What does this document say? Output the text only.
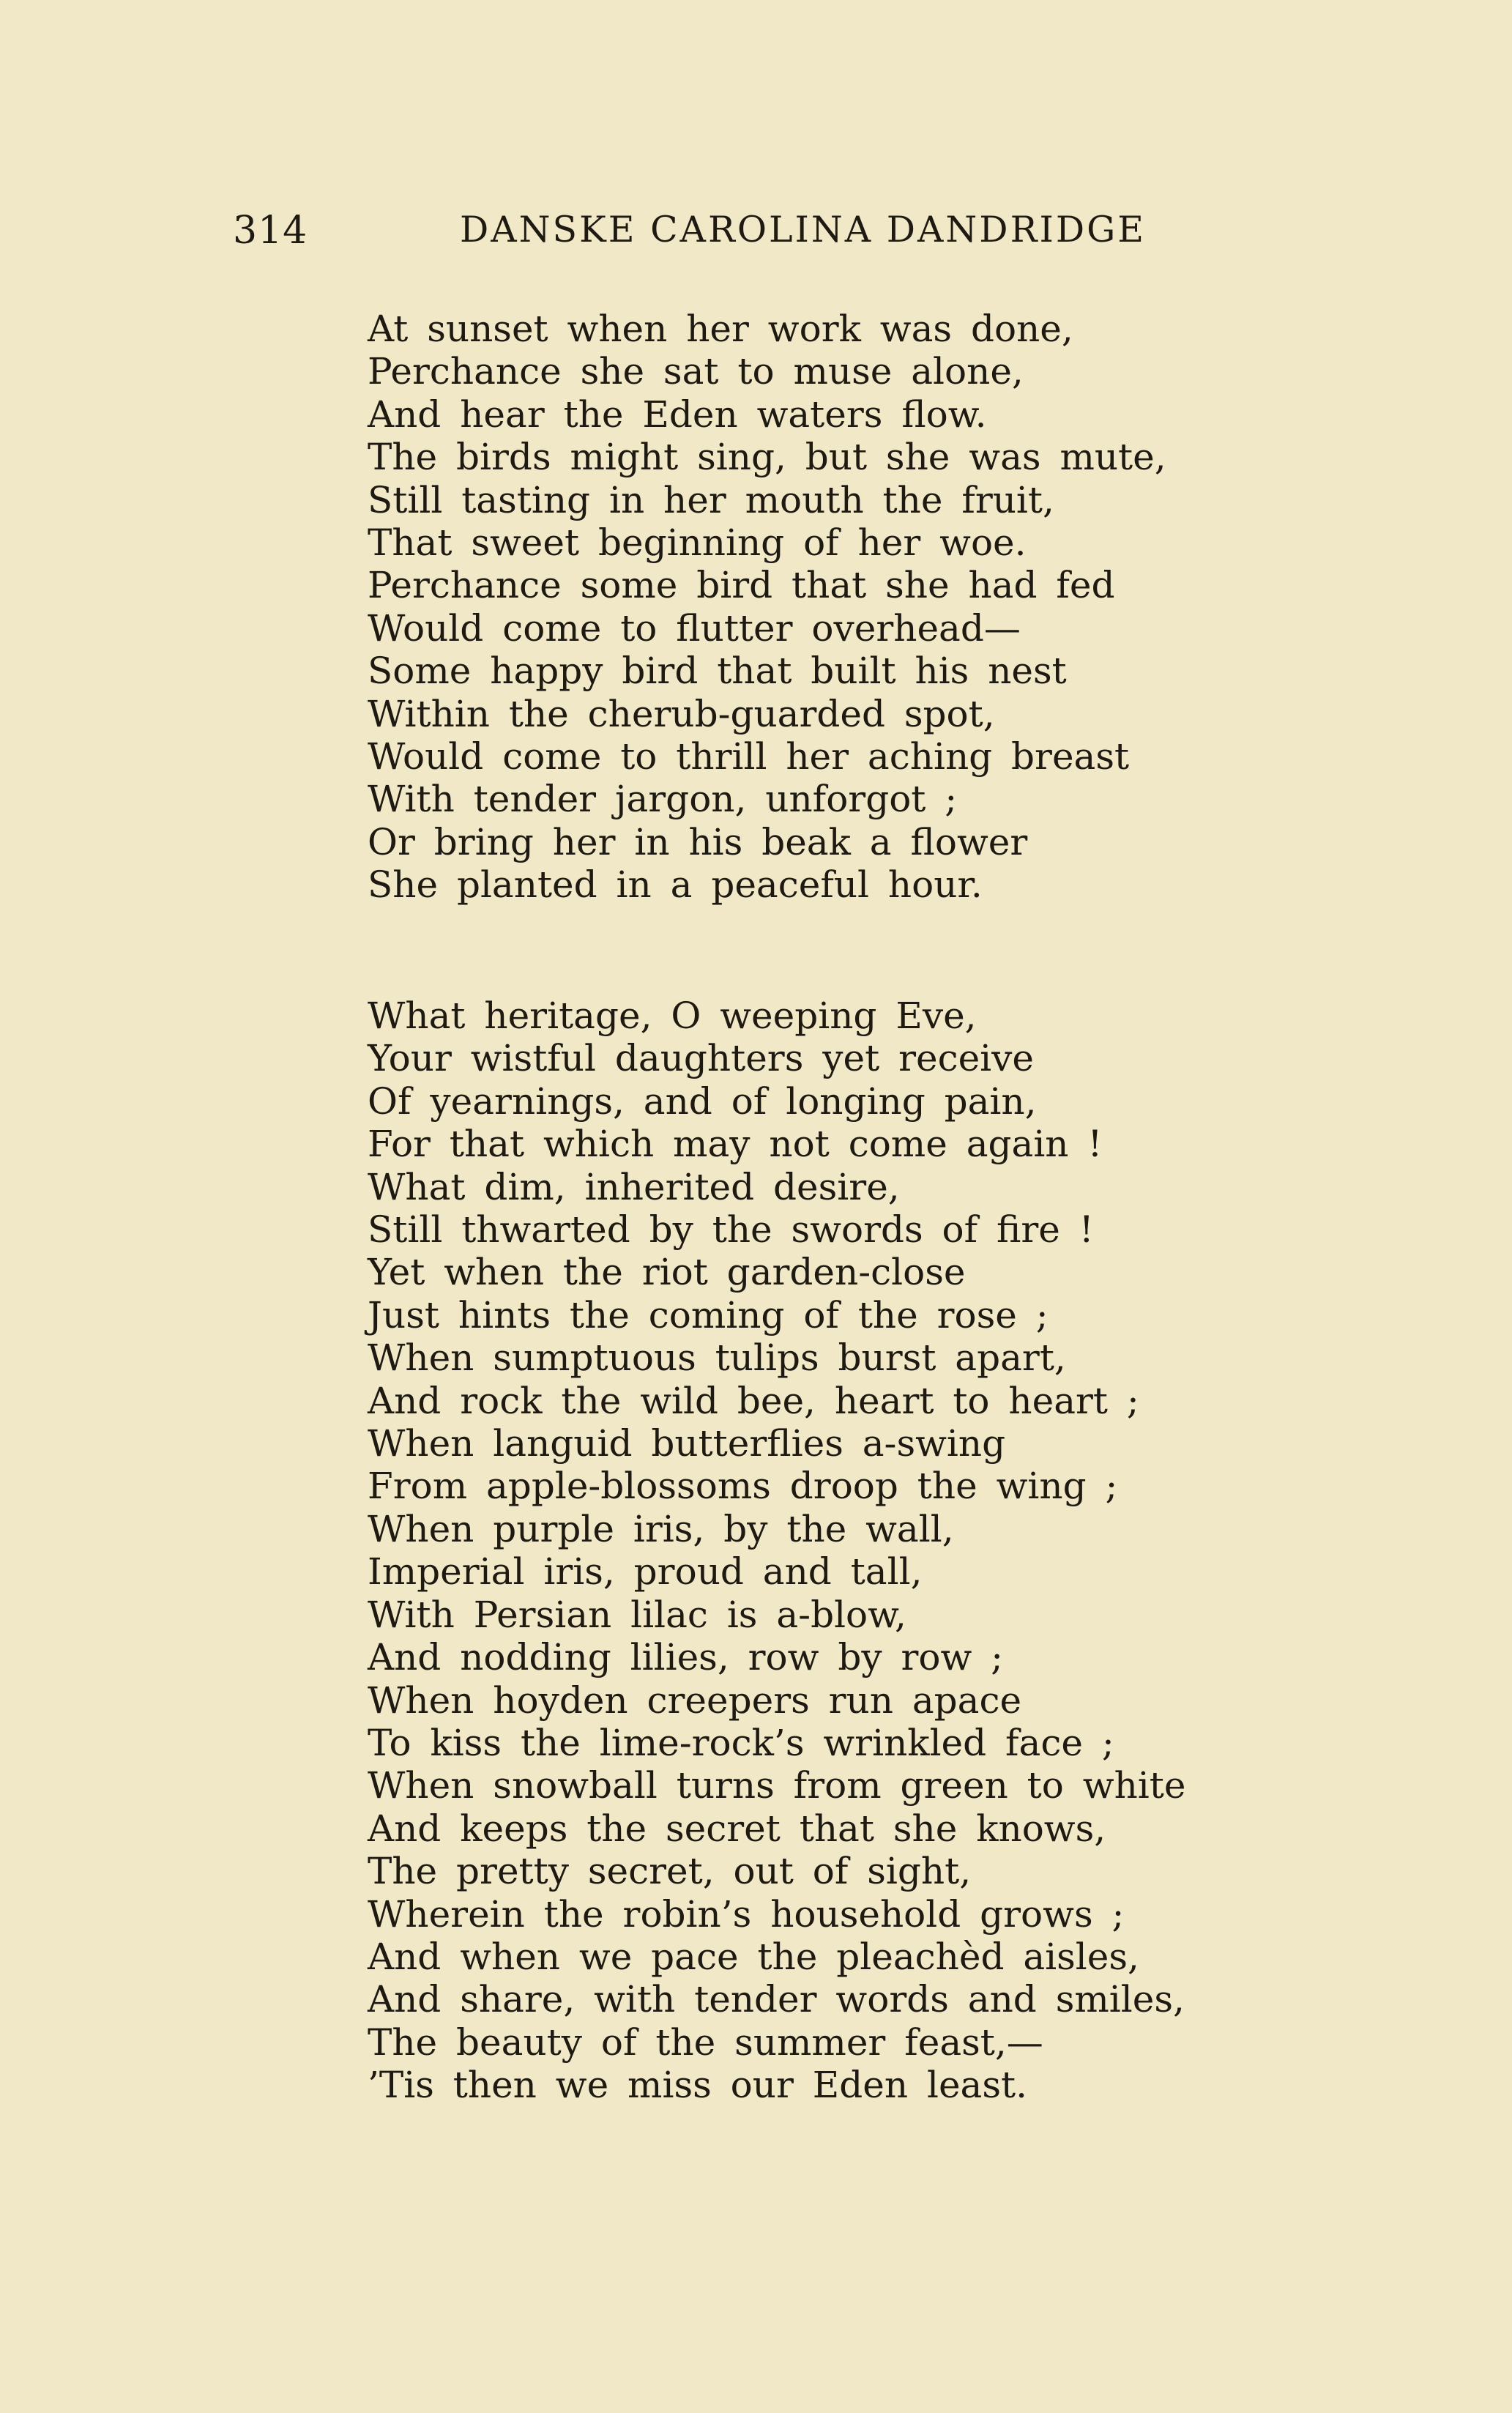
314	DANSKE CAROLINA DANDRIDGE
At sunset when her work was done,
Perchance she sat to muse alone,
And hear the Eden waters flow.
The birds might sing, but she was mute,
Still tasting in her mouth the fruit,
That sweet beginning of her woe.
Perchance some bird that she had fed
Would come to flutter overhead—
Some happy bird that built his nest
Within the cherub-guarded spot,
Would come to thrill her aching breast
With tender jargon, unforgot ;
Or bring her in his beak a flower
She planted in a peaceful hour.
What heritage, O weeping Eve,
Your wistful daughters yet receive
Of yearnings, and of longing pain,
For that which may not come again !
What dim, inherited desire,
Still thwarted by the swords of fire !
Yet when the riot garden-close
Just hints the coming of the rose ;
When sumptuous tulips burst apart,
And rock the wild bee, heart to heart ;
When languid butterflies a-swing
From apple-blossoms droop the wing ;
When purple iris, by the wall,
Imperial iris, proud and tall,
With Persian lilac is a-blow,
And nodding lilies, row by row ;
When hoyden creepers run apace
To kiss the lime-rock’s wrinkled face ;
When snowball turns from green to white
And keeps the secret that she knows,
The pretty secret, out of sight,
Wherein the robin’s household grows ;
And when we pace the pleachèd aisles,
And share, with tender words and smiles,
The beauty of the summer feast,—
’Tis then we miss our Eden least.
